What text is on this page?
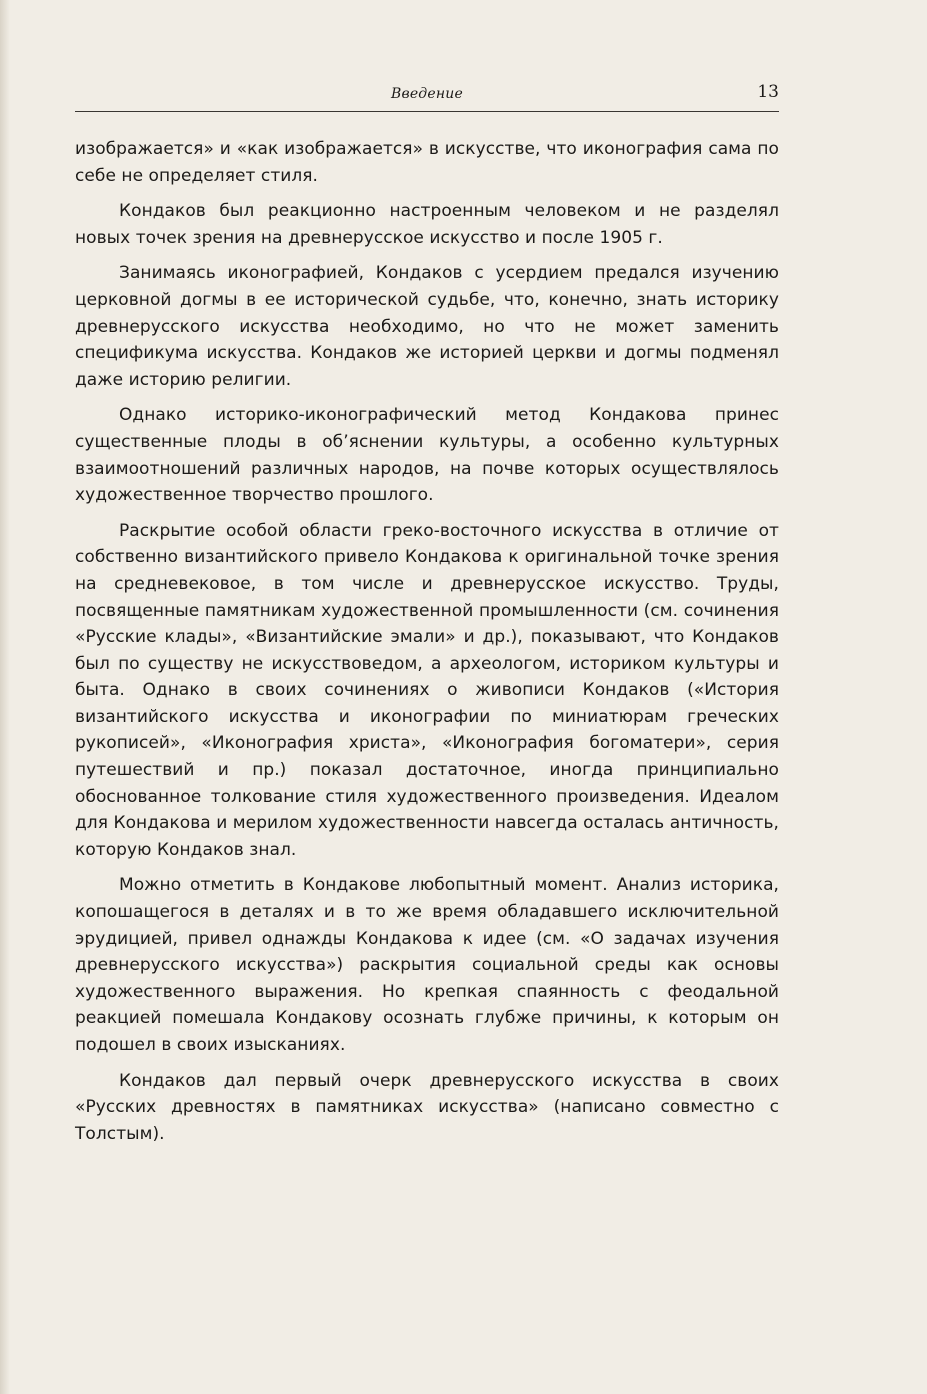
Введение	13

изображается» и «как изображается» в искусстве, что иконография сама по себе не определяет стиля.

Кондаков был реакционно настроенным человеком и не разделял новых точек зрения на древнерусское искусство и после 1905 г.

Занимаясь иконографией, Кондаков с усердием предался изучению церковной догмы в ее исторической судьбе, что, конечно, знать историку древнерусского искусства необходимо, но что не может заменить спецификума искусства. Кондаков же историей церкви и догмы подменял даже историю религии.

Однако историко-иконографический метод Кондакова принес существенные плоды в об’яснении культуры, а особенно культурных взаимоотношений различных народов, на почве которых осуществлялось художественное творчество прошлого.

Раскрытие особой области греко-восточного искусства в отличие от собственно византийского привело Кондакова к оригинальной точке зрения на средневековое, в том числе и древнерусское искусство. Труды, посвященные памятникам художественной промышленности (см. сочинения «Русские клады», «Византийские эмали» и др.), показывают, что Кондаков был по существу не искусствоведом, а археологом, историком культуры и быта. Однако в своих сочинениях о живописи Кондаков («История византийского искусства и иконографии по миниатюрам греческих рукописей», «Иконография христа», «Иконография богоматери», серия путешествий и пр.) показал достаточное, иногда принципиально обоснованное толкование стиля художественного произведения. Идеалом для Кондакова и мерилом художественности навсегда осталась античность, которую Кондаков знал.

Можно отметить в Кондакове любопытный момент. Анализ историка, копошащегося в деталях и в то же время обладавшего исключительной эрудицией, привел однажды Кондакова к идее (см. «О задачах изучения древнерусского искусства») раскрытия социальной среды как основы художественного выражения. Но крепкая спаянность с феодальной реакцией помешала Кондакову осознать глубже причины, к которым он подошел в своих изысканиях.

Кондаков дал первый очерк древнерусского искусства в своих «Русских древностях в памятниках искусства» (написано совместно с Толстым).
